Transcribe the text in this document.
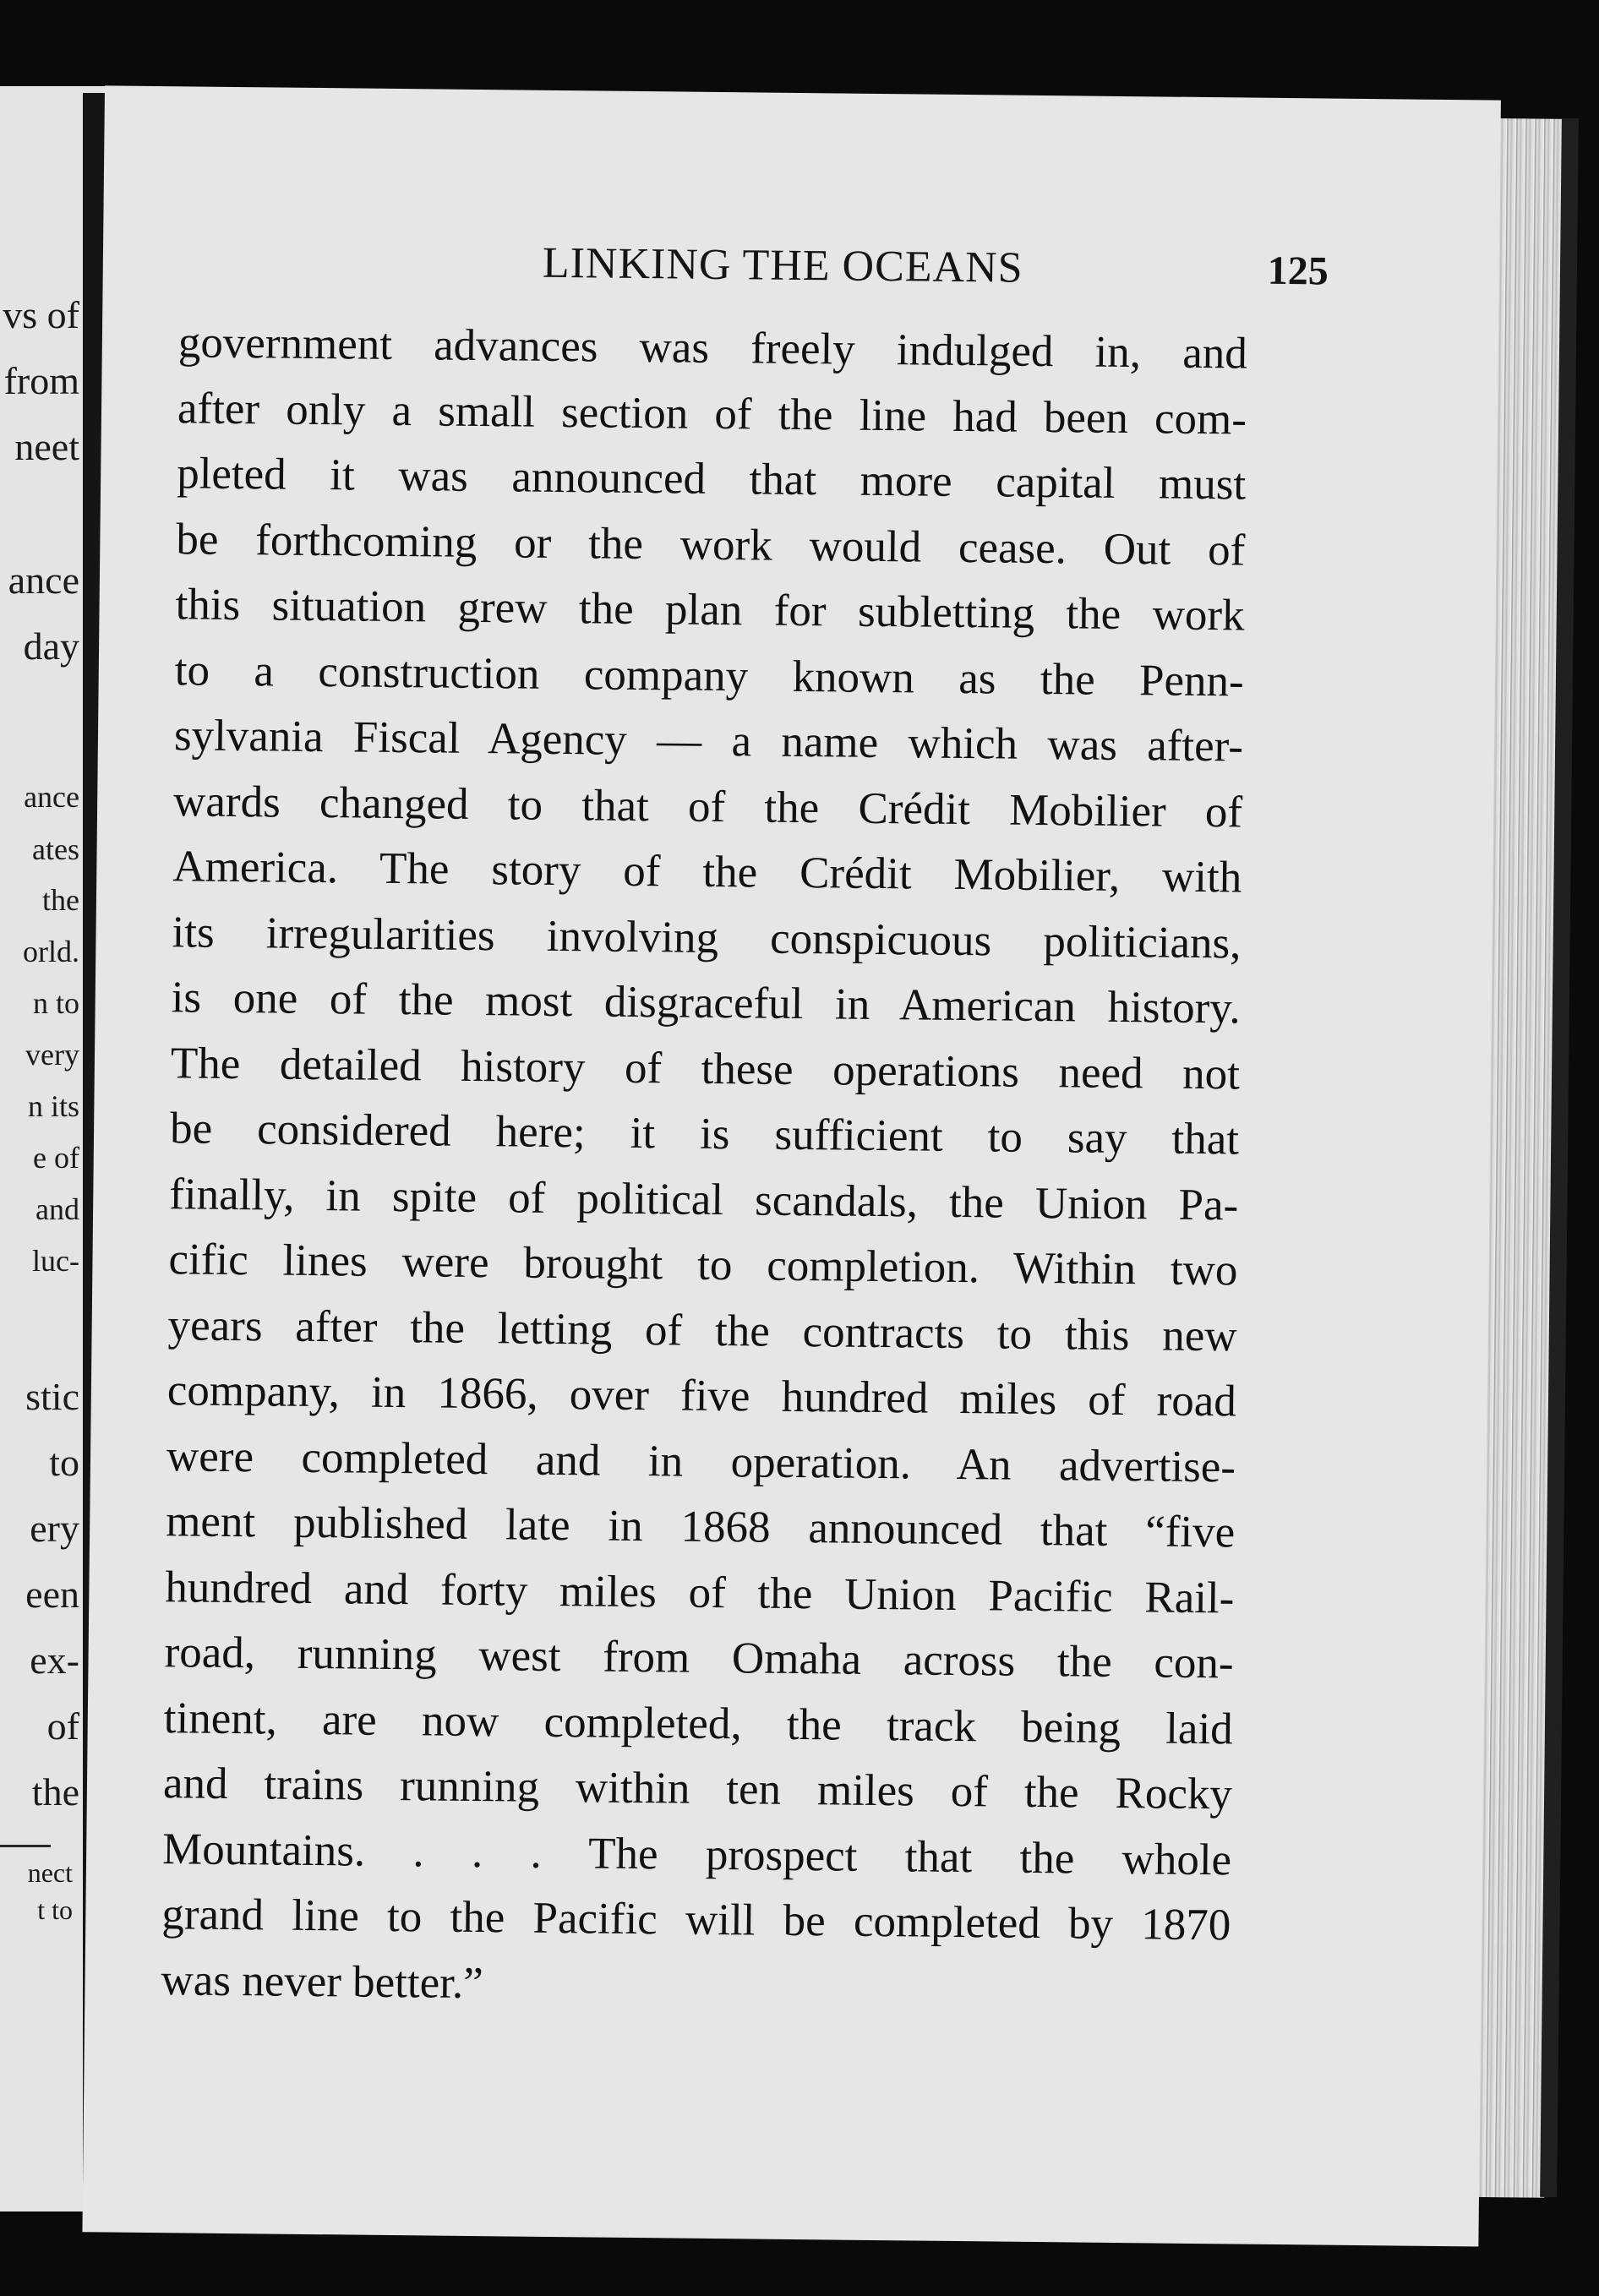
vs of
from
neet
ance
day
ance
ates
the
orld.
n to
very
n its
e of
and
luc-
stic
to
ery
een
ex-
of
the
nect
t to
LINKING THE OCEANS	125
government advances was freely indulged in, and
after only a small section of the line had been com-
pleted it was announced that more capital must
be forthcoming or the work would cease. Out of
this situation grew the plan for subletting the work
to a construction company known as the Penn-
sylvania Fiscal Agency — a name which was after-
wards changed to that of the Crédit Mobilier of
America. The story of the Crédit Mobilier, with
its irregularities involving conspicuous politicians,
is one of the most disgraceful in American history.
The detailed history of these operations need not
be considered here; it is sufficient to say that
finally, in spite of political scandals, the Union Pa-
cific lines were brought to completion. Within two
years after the letting of the contracts to this new
company, in 1866, over five hundred miles of road
were completed and in operation. An advertise-
ment published late in 1868 announced that “five
hundred and forty miles of the Union Pacific Rail-
road, running west from Omaha across the con-
tinent, are now completed, the track being laid
and trains running within ten miles of the Rocky
Mountains. . . . The prospect that the whole
grand line to the Pacific will be completed by 1870
was never better.”
